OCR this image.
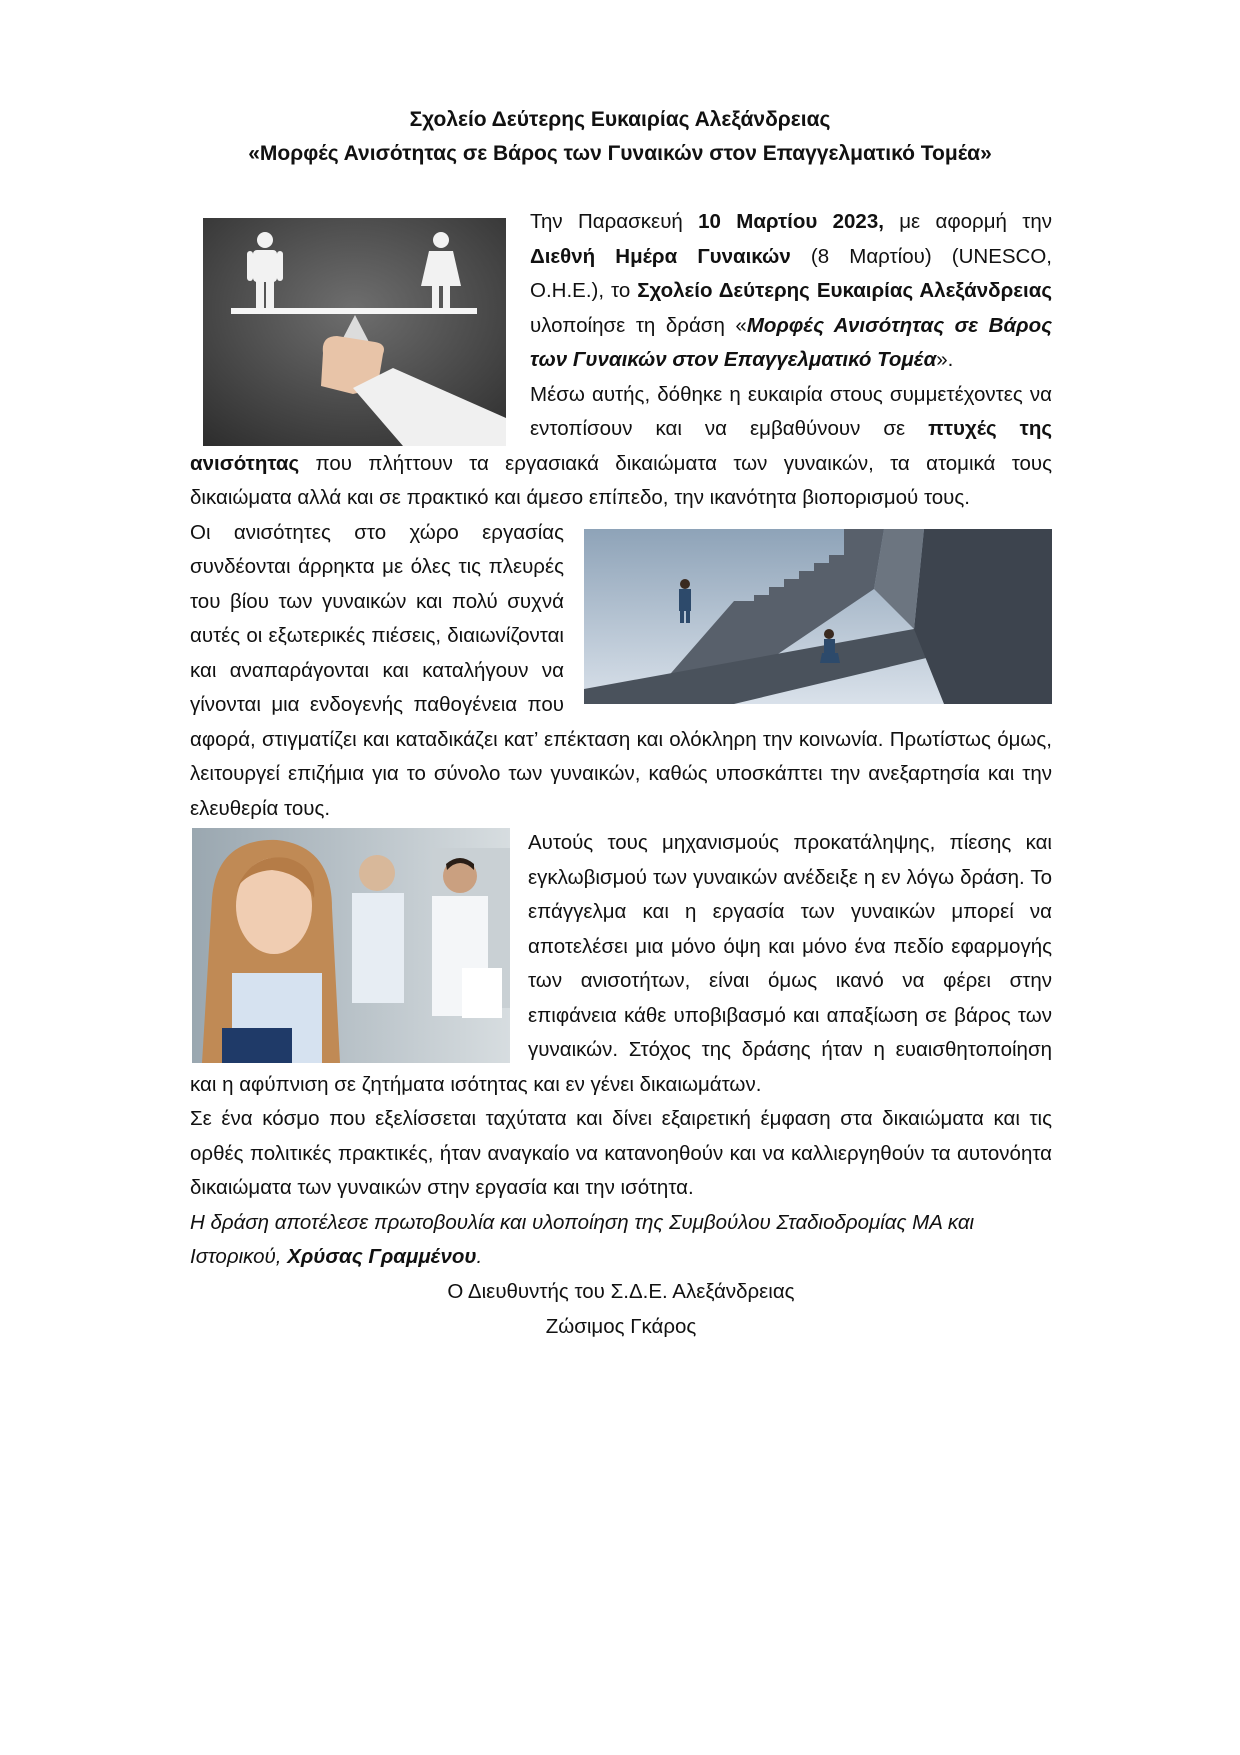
Σχολείο Δεύτερης Ευκαιρίας Αλεξάνδρειας
«Μορφές Ανισότητας σε Βάρος των Γυναικών στον Επαγγελματικό Τομέα»

Την Παρασκευή 10 Μαρτίου 2023, με αφορμή την Διεθνή Ημέρα Γυναικών (8 Μαρτίου) (UNESCO, Ο.Η.Ε.), το Σχολείο Δεύτερης Ευκαιρίας Αλεξάνδρειας υλοποίησε τη δράση «Μορφές Ανισότητας σε Βάρος των Γυναικών στον Επαγγελματικό Τομέα».

Μέσω αυτής, δόθηκε η ευκαιρία στους συμμετέχοντες να εντοπίσουν και να εμβαθύνουν σε πτυχές της ανισότητας που πλήττουν τα εργασιακά δικαιώματα των γυναικών, τα ατομικά τους δικαιώματα αλλά και σε πρακτικό και άμεσο επίπεδο, την ικανότητα βιοπορισμού τους.

Οι ανισότητες στο χώρο εργασίας συνδέονται άρρηκτα με όλες τις πλευρές του βίου των γυναικών και πολύ συχνά αυτές οι εξωτερικές πιέσεις, διαιωνίζονται και αναπαράγονται και καταλήγουν να γίνονται μια ενδογενής παθογένεια που αφορά, στιγματίζει και καταδικάζει κατ’ επέκταση και ολόκληρη την κοινωνία. Πρωτίστως όμως, λειτουργεί επιζήμια για το σύνολο των γυναικών, καθώς υποσκάπτει την ανεξαρτησία και την ελευθερία τους.

Αυτούς τους μηχανισμούς προκατάληψης, πίεσης και εγκλωβισμού των γυναικών ανέδειξε η εν λόγω δράση. Το επάγγελμα και η εργασία των γυναικών μπορεί να αποτελέσει μια μόνο όψη και μόνο ένα πεδίο εφαρμογής των ανισοτήτων, είναι όμως ικανό να φέρει στην επιφάνεια κάθε υποβιβασμό και απαξίωση σε βάρος των γυναικών. Στόχος της δράσης ήταν η ευαισθητοποίηση και η αφύπνιση σε ζητήματα ισότητας και εν γένει δικαιωμάτων.

Σε ένα κόσμο που εξελίσσεται ταχύτατα και δίνει εξαιρετική έμφαση στα δικαιώματα και τις ορθές πολιτικές πρακτικές, ήταν αναγκαίο να κατανοηθούν και να καλλιεργηθούν τα αυτονόητα δικαιώματα των γυναικών στην εργασία και την ισότητα.

Η δράση αποτέλεσε πρωτοβουλία και υλοποίηση της Συμβούλου Σταδιοδρομίας ΜΑ και Ιστορικού, Χρύσας Γραμμένου.

Ο Διευθυντής του Σ.Δ.Ε. Αλεξάνδρειας
Ζώσιμος Γκάρος
